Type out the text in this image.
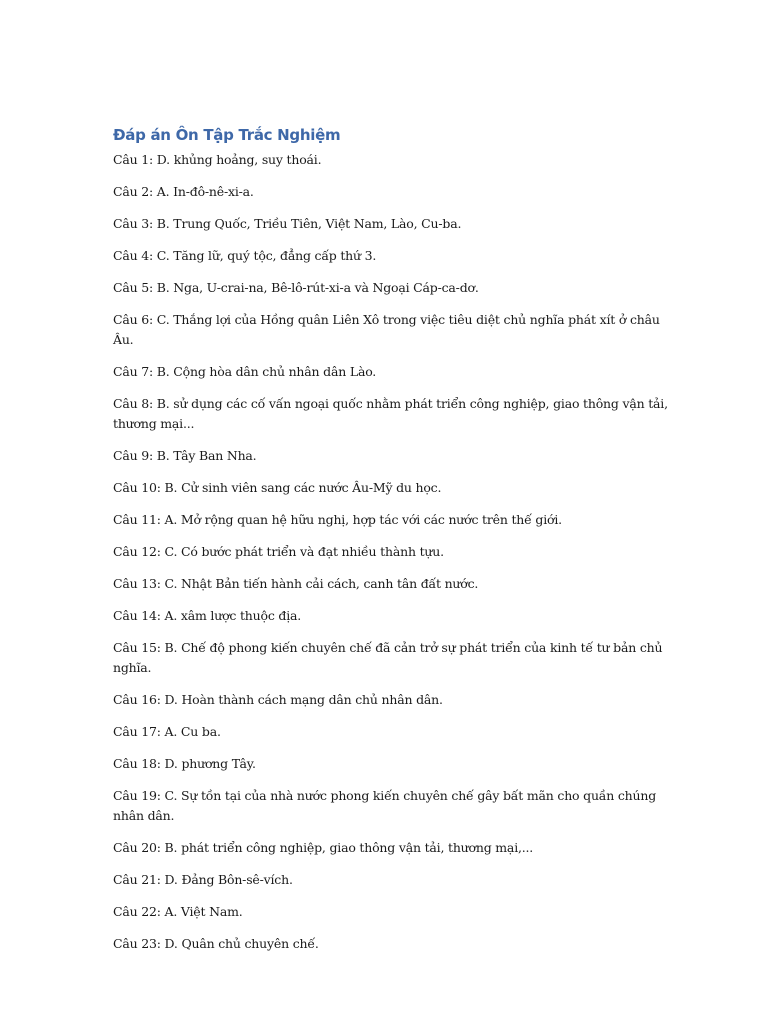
Đáp án Ôn Tập Trắc Nghiệm
Câu 1: D. khủng hoảng, suy thoái.
Câu 2: A. In-đô-nê-xi-a.
Câu 3: B. Trung Quốc, Triều Tiên, Việt Nam, Lào, Cu-ba.
Câu 4: C. Tăng lữ, quý tộc, đẳng cấp thứ 3.
Câu 5: B. Nga, U-crai-na, Bê-lô-rút-xi-a và Ngoại Cáp-ca-dơ.
Câu 6: C. Thắng lợi của Hồng quân Liên Xô trong việc tiêu diệt chủ nghĩa phát xít ở châu Âu.
Câu 7: B. Cộng hòa dân chủ nhân dân Lào.
Câu 8: B. sử dụng các cố vấn ngoại quốc nhằm phát triển công nghiệp, giao thông vận tải, thương mại...
Câu 9: B. Tây Ban Nha.
Câu 10: B. Cử sinh viên sang các nước Âu-Mỹ du học.
Câu 11: A. Mở rộng quan hệ hữu nghị, hợp tác với các nước trên thế giới.
Câu 12: C. Có bước phát triển và đạt nhiều thành tựu.
Câu 13: C. Nhật Bản tiến hành cải cách, canh tân đất nước.
Câu 14: A. xâm lược thuộc địa.
Câu 15: B. Chế độ phong kiến chuyên chế đã cản trở sự phát triển của kinh tế tư bản chủ nghĩa.
Câu 16: D. Hoàn thành cách mạng dân chủ nhân dân.
Câu 17: A. Cu ba.
Câu 18: D. phương Tây.
Câu 19: C. Sự tồn tại của nhà nước phong kiến chuyên chế gây bất mãn cho quần chúng nhân dân.
Câu 20: B. phát triển công nghiệp, giao thông vận tải, thương mại,...
Câu 21: D. Đảng Bôn-sê-vích.
Câu 22: A. Việt Nam.
Câu 23: D. Quân chủ chuyên chế.
